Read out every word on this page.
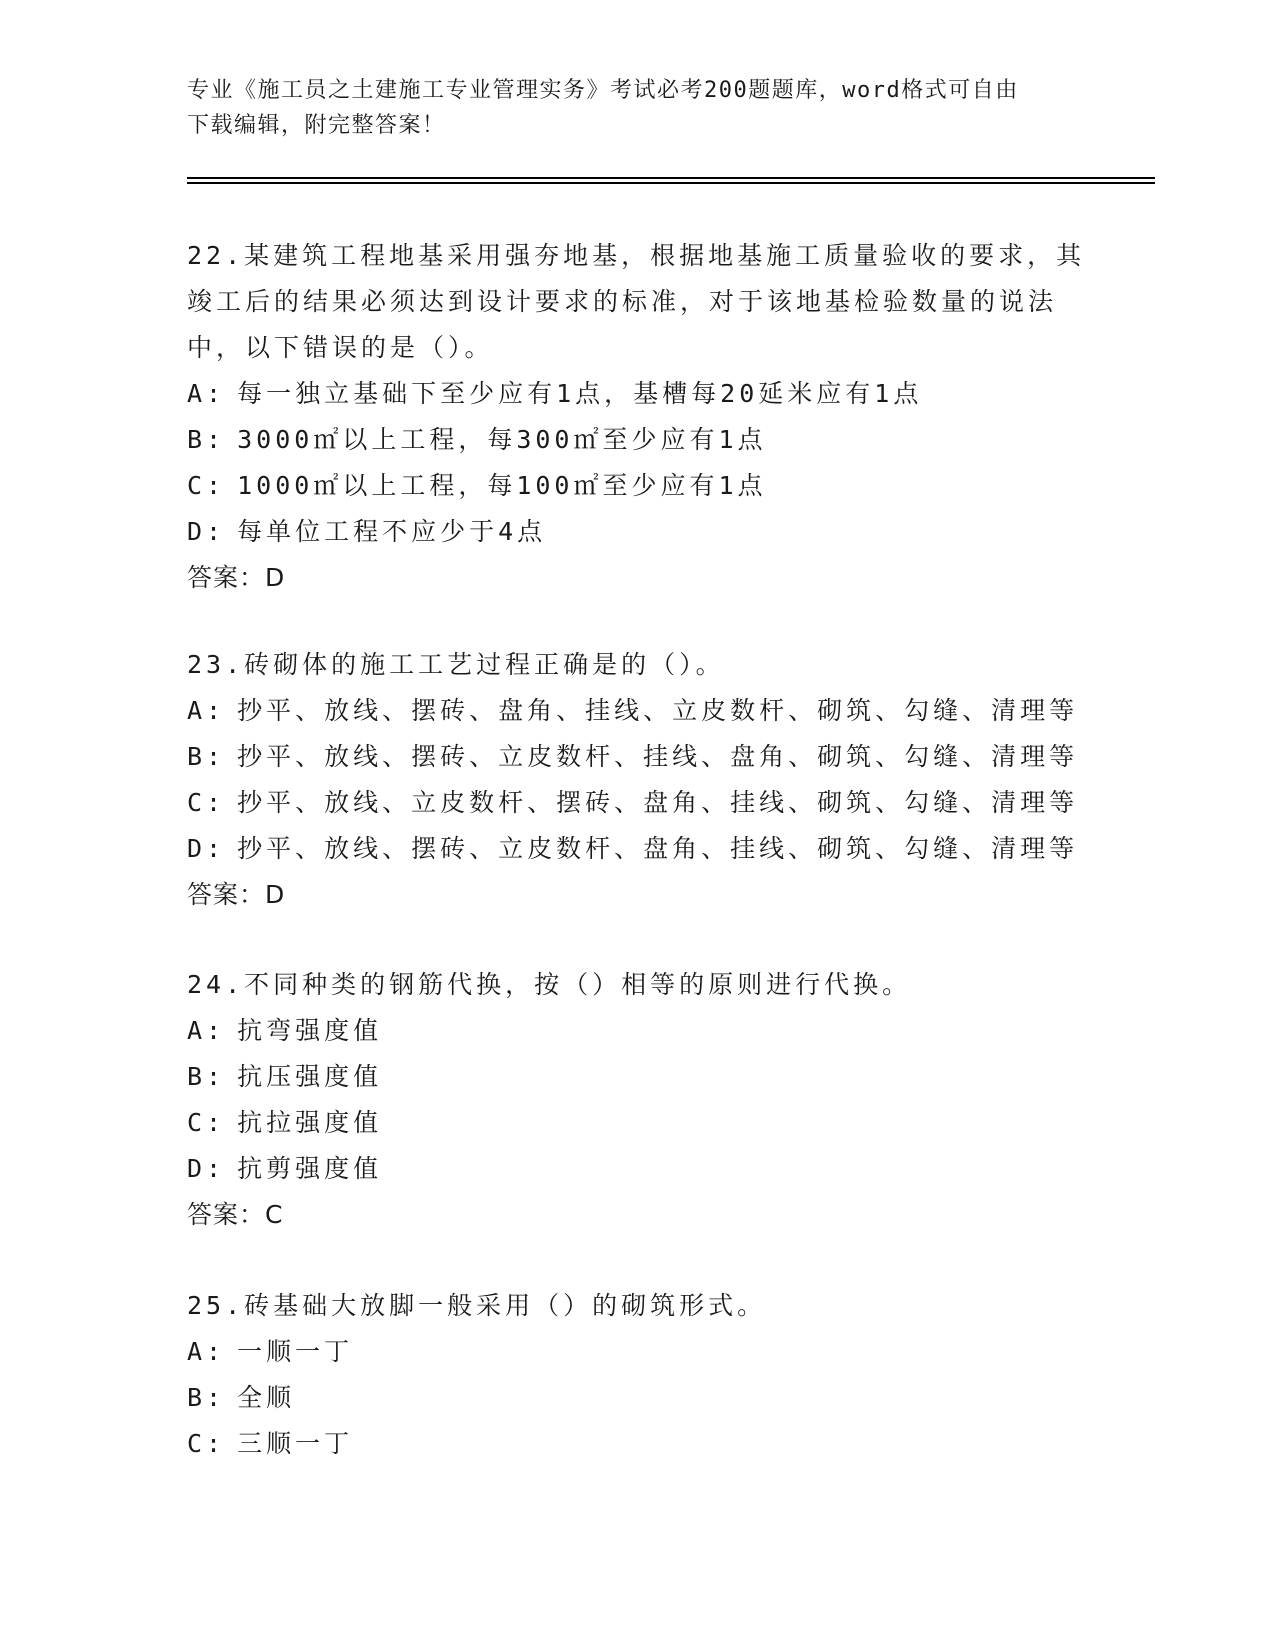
专业《施工员之土建施工专业管理实务》考试必考200题题库，word格式可自由
下载编辑，附完整答案！
22.某建筑工程地基采用强夯地基，根据地基施工质量验收的要求，其
竣工后的结果必须达到设计要求的标准，对于该地基检验数量的说法
中，以下错误的是（）。
A: 每一独立基础下至少应有1点，基槽每20延米应有1点
B: 3000㎡以上工程，每300㎡至少应有1点
C: 1000㎡以上工程，每100㎡至少应有1点
D: 每单位工程不应少于4点
答案：D
23.砖砌体的施工工艺过程正确是的（）。
A: 抄平、放线、摆砖、盘角、挂线、立皮数杆、砌筑、勾缝、清理等
B: 抄平、放线、摆砖、立皮数杆、挂线、盘角、砌筑、勾缝、清理等
C: 抄平、放线、立皮数杆、摆砖、盘角、挂线、砌筑、勾缝、清理等
D: 抄平、放线、摆砖、立皮数杆、盘角、挂线、砌筑、勾缝、清理等
答案：D
24.不同种类的钢筋代换，按（）相等的原则进行代换。
A: 抗弯强度值
B: 抗压强度值
C: 抗拉强度值
D: 抗剪强度值
答案：C
25.砖基础大放脚一般采用（）的砌筑形式。
A: 一顺一丁
B: 全顺
C: 三顺一丁
